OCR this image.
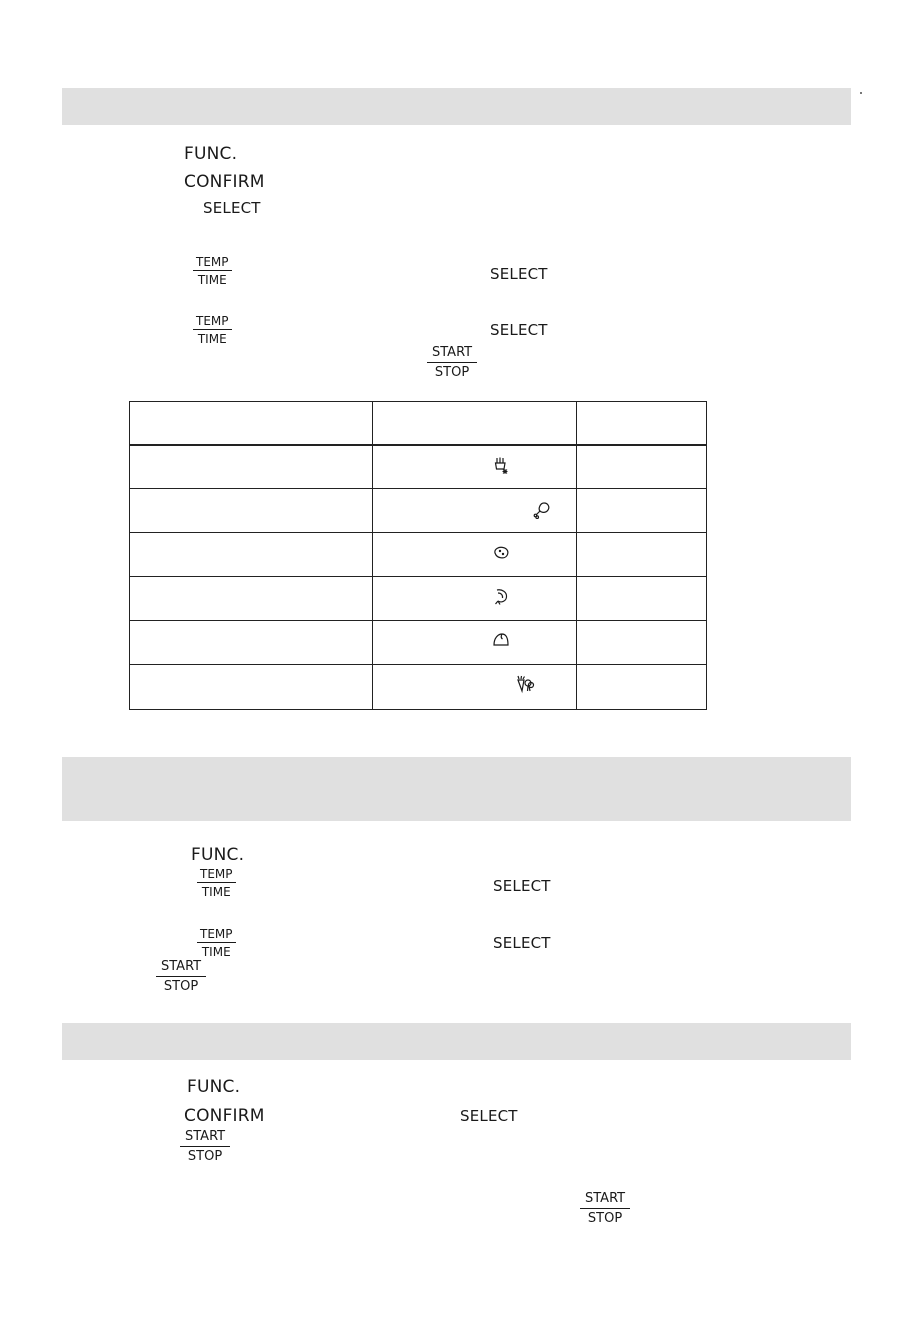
FUNC.
CONFIRM
SELECT
TEMP
TIME	SELECT
TEMP
TIME	SELECT
START
STOP
FUNC.
TEMP
TIME	SELECT
TEMP
TIME	SELECT
START
STOP
FUNC.
CONFIRM	SELECT
START
STOP
START
STOP
